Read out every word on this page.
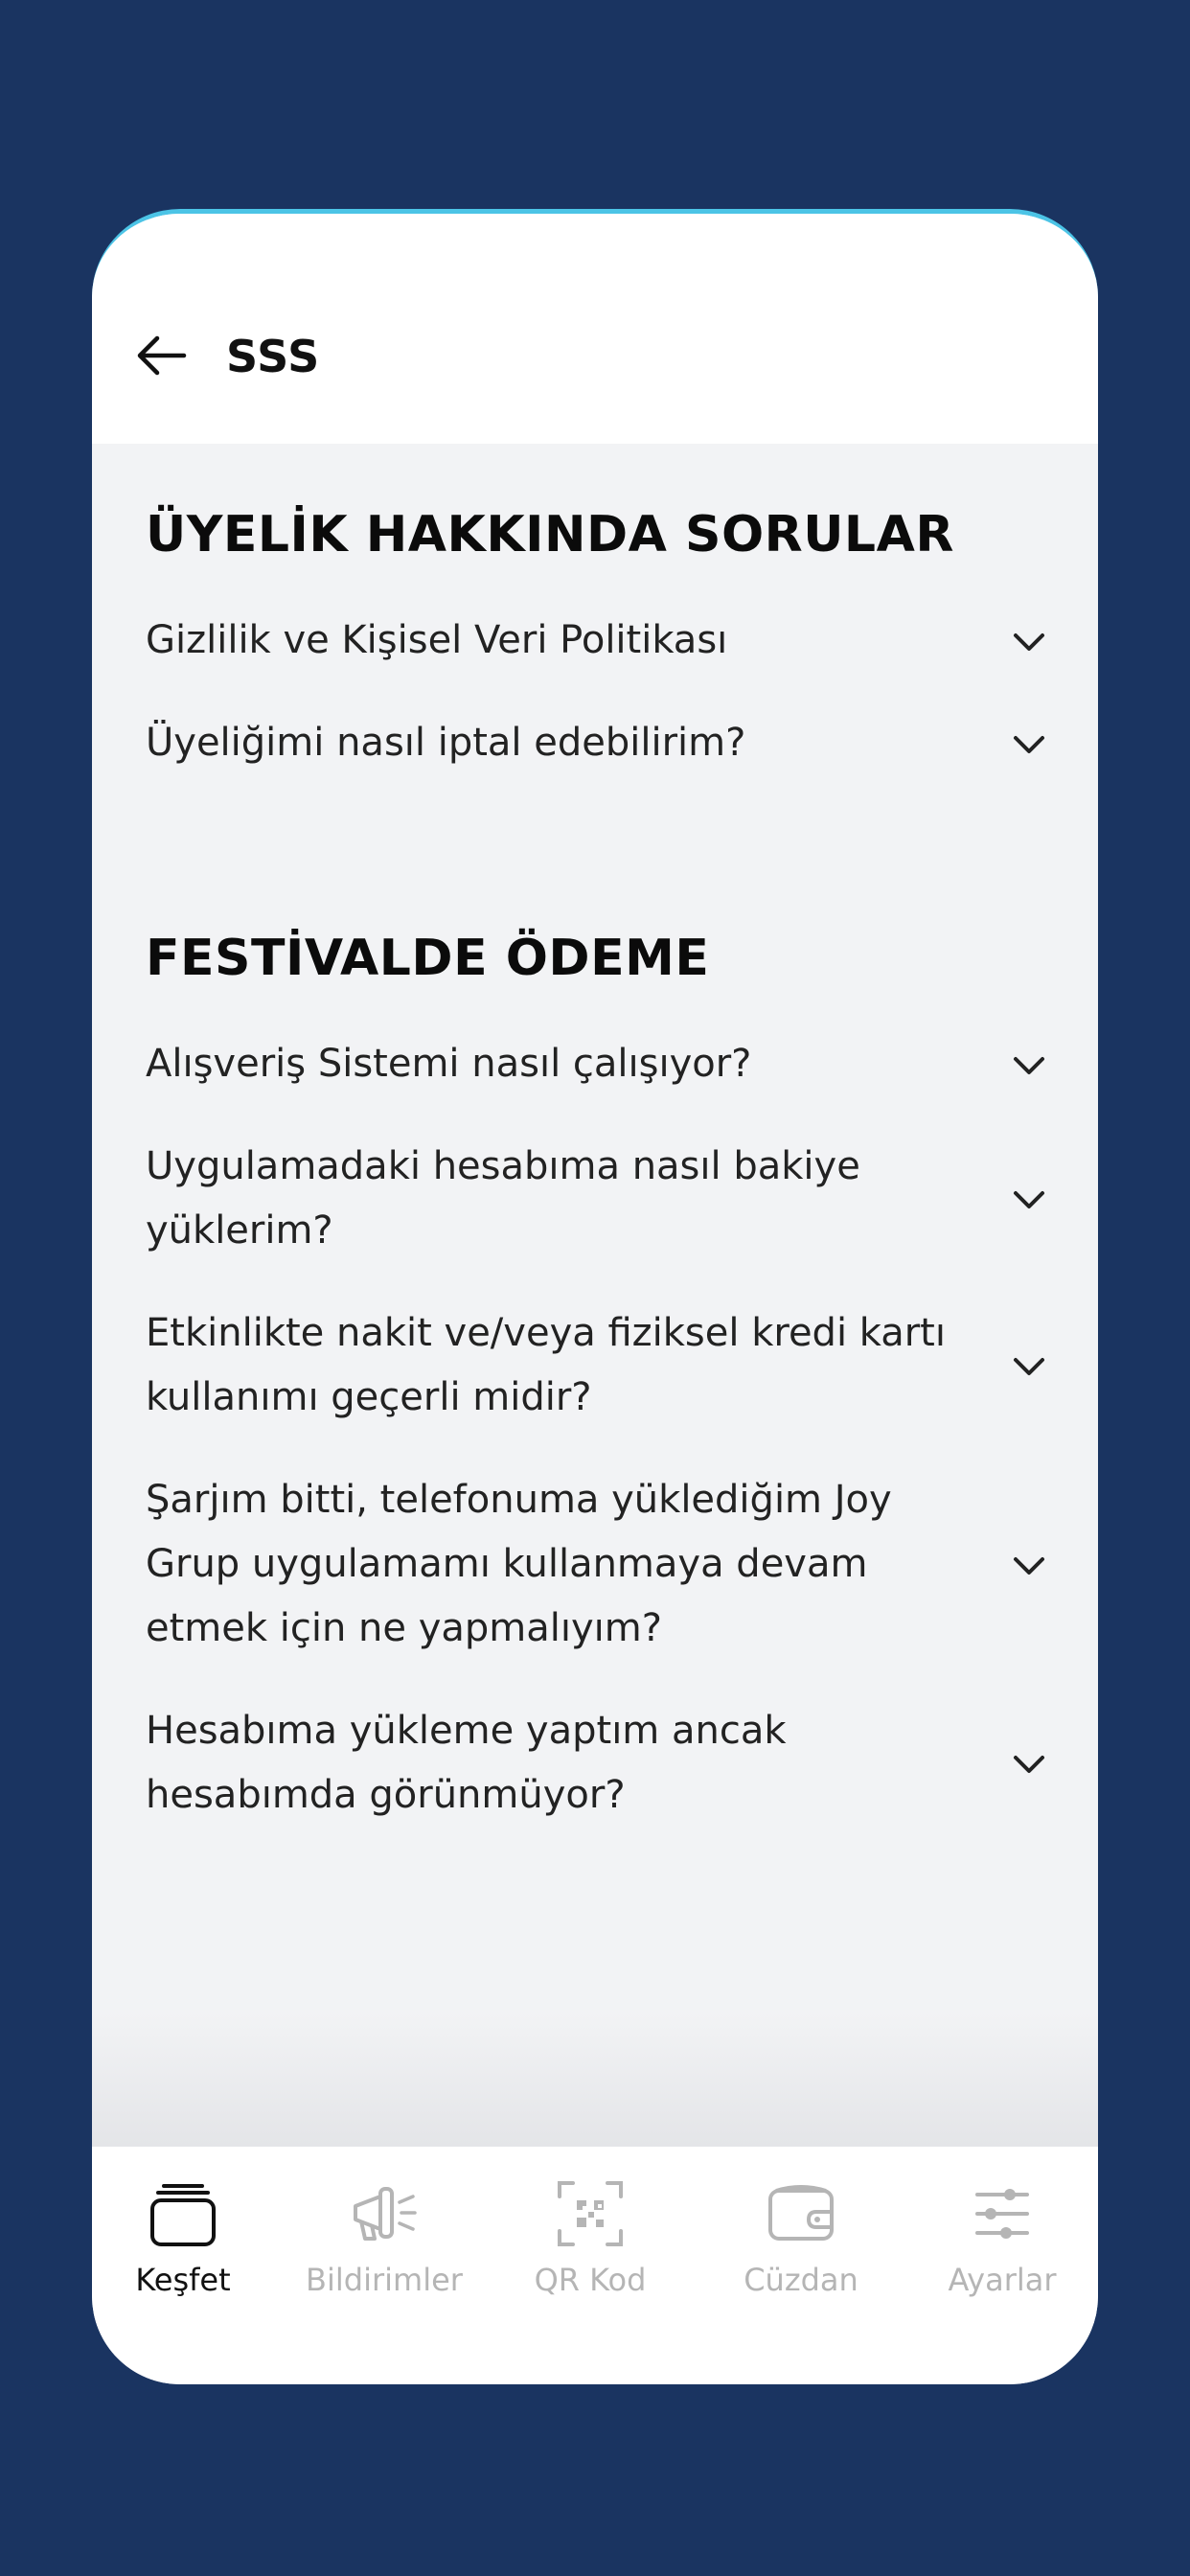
SSS
ÜYELİK HAKKINDA SORULAR
Gizlilik ve Kişisel Veri Politikası
Üyeliğimi nasıl iptal edebilirim?
FESTİVALDE ÖDEME
Alışveriş Sistemi nasıl çalışıyor?
Uygulamadaki hesabıma nasıl bakiye yüklerim?
Etkinlikte nakit ve/veya fiziksel kredi kartı kullanımı geçerli midir?
Şarjım bitti, telefonuma yüklediğim Joy Grup uygulamamı kullanmaya devam etmek için ne yapmalıyım?
Hesabıma yükleme yaptım ancak hesabımda görünmüyor?
Keşfet Bildirimler QR Kod	Cüzdan	Ayarlar
